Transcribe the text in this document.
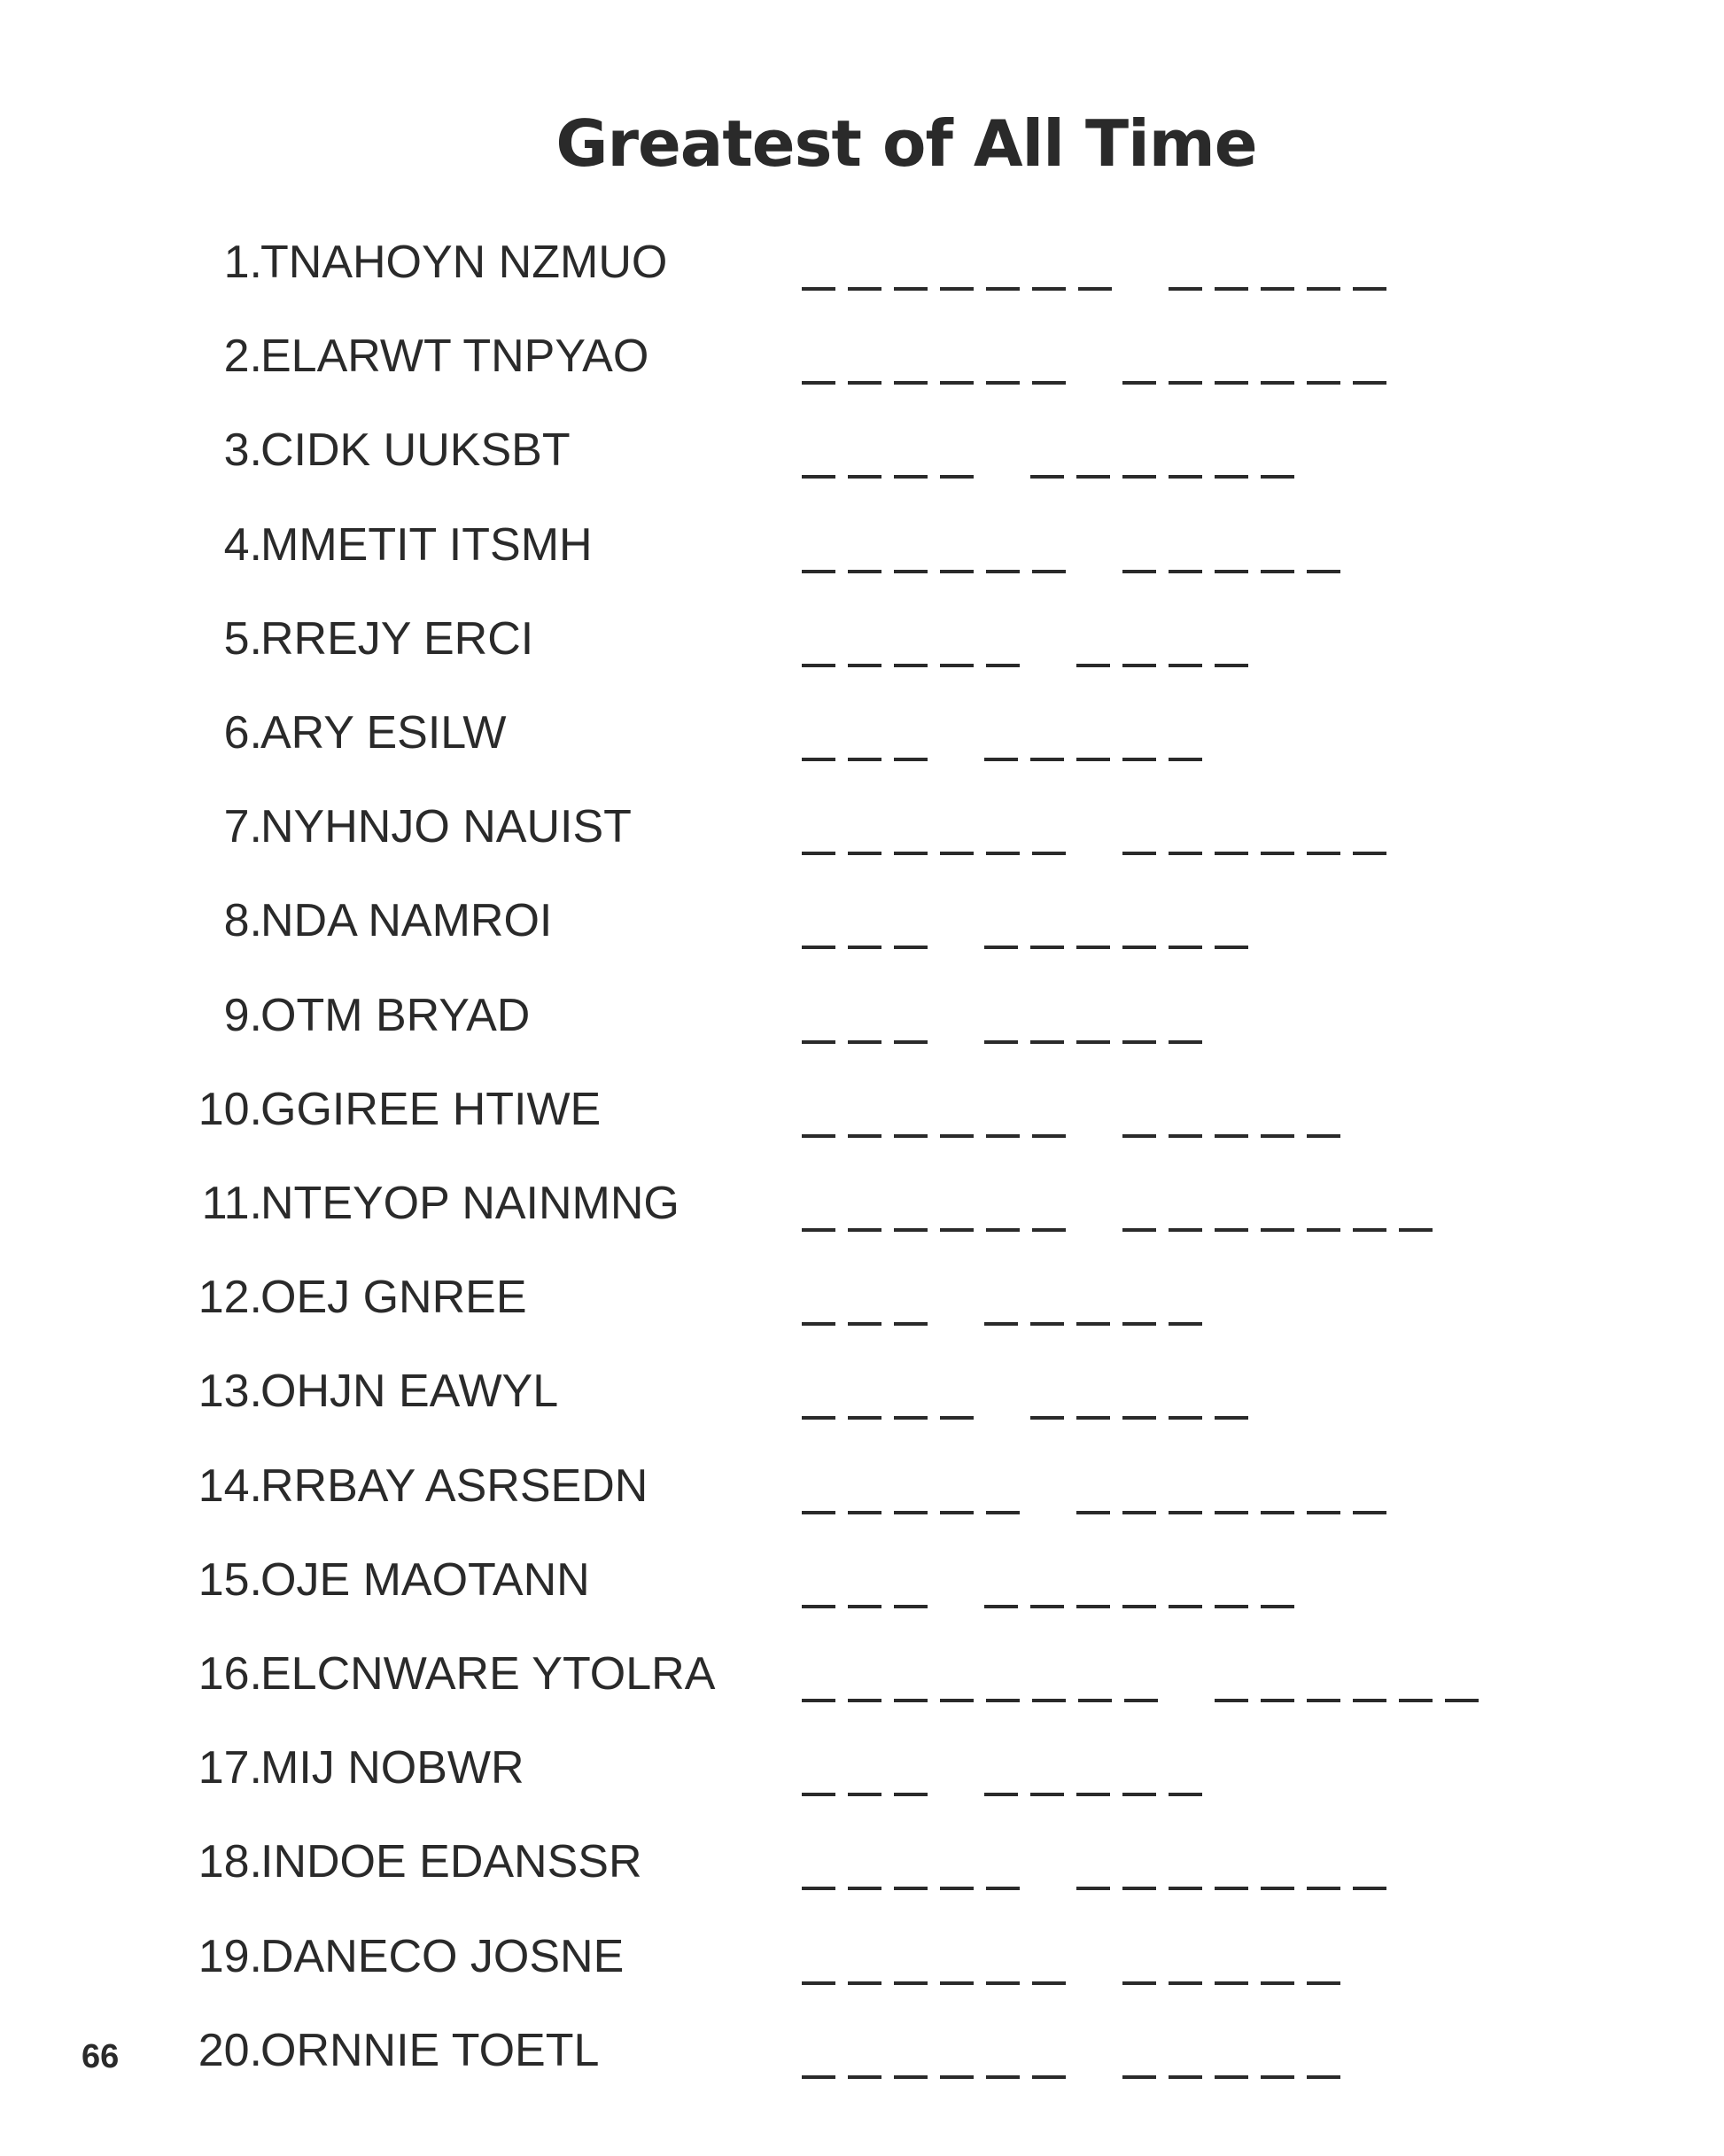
Greatest of All Time
1.
TNAHOYN NZMUO
2.
ELARWT TNPYAO
3.
CIDK UUKSBT
4.
MMETIT ITSMH
5.
RREJY ERCI
6.
ARY ESILW
7.
NYHNJO NAUIST
8.
NDA NAMROI
9.
OTM BRYAD
10.
GGIREE HTIWE
11.
NTEYOP NAINMNG
12.
OEJ GNREE
13.
OHJN EAWYL
14.
RRBAY ASRSEDN
15.
OJE MAOTANN
16.
ELCNWARE YTOLRA
17.
MIJ NOBWR
18.
INDOE EDANSSR
19.
DANECO JOSNE
20.
ORNNIE TOETL
66
